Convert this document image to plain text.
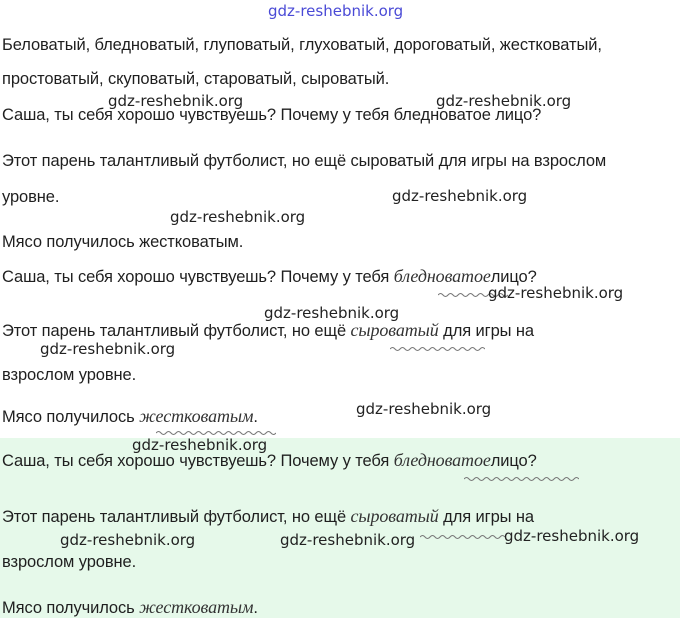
gdz-reshebnik.org
Беловатый, бледноватый, глуповатый, глуховатый, дороговатый, жестковатый,
простоватый, скуповатый, староватый, сыроватый.
Саша, ты себя хорошо чувствуешь? Почему у тебя бледноватое лицо?
gdz-reshebnik.org	gdz-reshebnik.org
Этот парень талантливый футболист, но ещё сыроватый для игры на взрослом
уровне.	gdz-reshebnik.org
gdz-reshebnik.org
Мясо получилось жестковатым.
Саша, ты себя хорошо чувствуешь? Почему у тебя бледноватоелицо?
gdz-reshebnik.org
gdz-reshebnik.org
Этот парень талантливый футболист, но ещё сыроватый для игры на
gdz-reshebnik.org
взрослом уровне.
Мясо получилось жестковатым.	gdz-reshebnik.org
gdz-reshebnik.org
Саша, ты себя хорошо чувствуешь? Почему у тебя бледноватоелицо?
Этот парень талантливый футболист, но ещё сыроватый для игры на
gdz-reshebnik.org	gdz-reshebnik.org	gdz-reshebnik.org
взрослом уровне.
Мясо получилось жестковатым.
